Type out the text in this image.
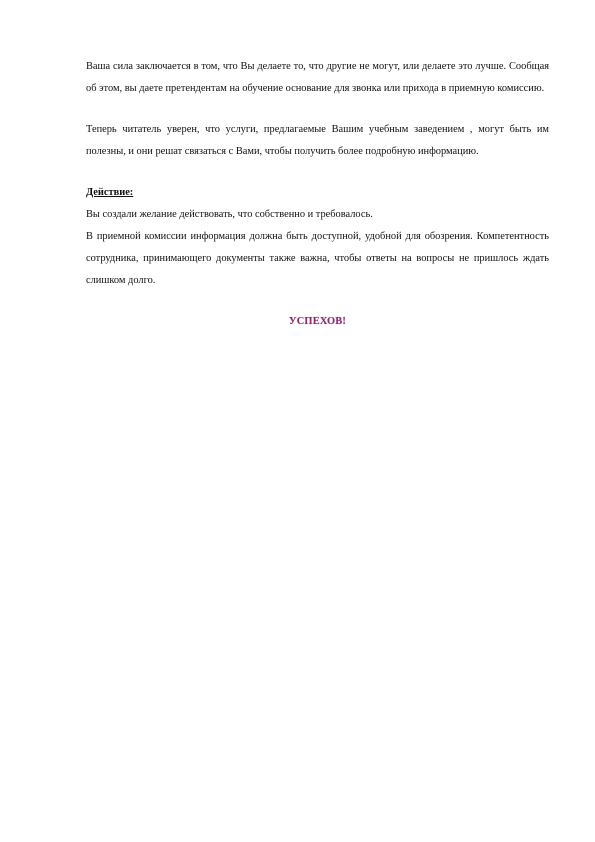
Ваша сила заключается в том, что Вы делаете то, что другие не могут, или делаете это лучше. Сообщая об этом, вы даете претендентам на обучение основание для звонка или прихода в приемную комиссию.

Теперь читатель уверен, что услуги, предлагаемые Вашим учебным заведением , могут быть им полезны, и они решат связаться с Вами, чтобы получить более подробную информацию.

Действие:

Вы создали желание действовать, что собственно и требовалось.

В приемной комиссии информация должна быть доступной, удобной для обозрения. Компетентность сотрудника, принимающего документы также важна, чтобы ответы на вопросы не пришлось ждать слишком долго.

УСПЕХОВ!
